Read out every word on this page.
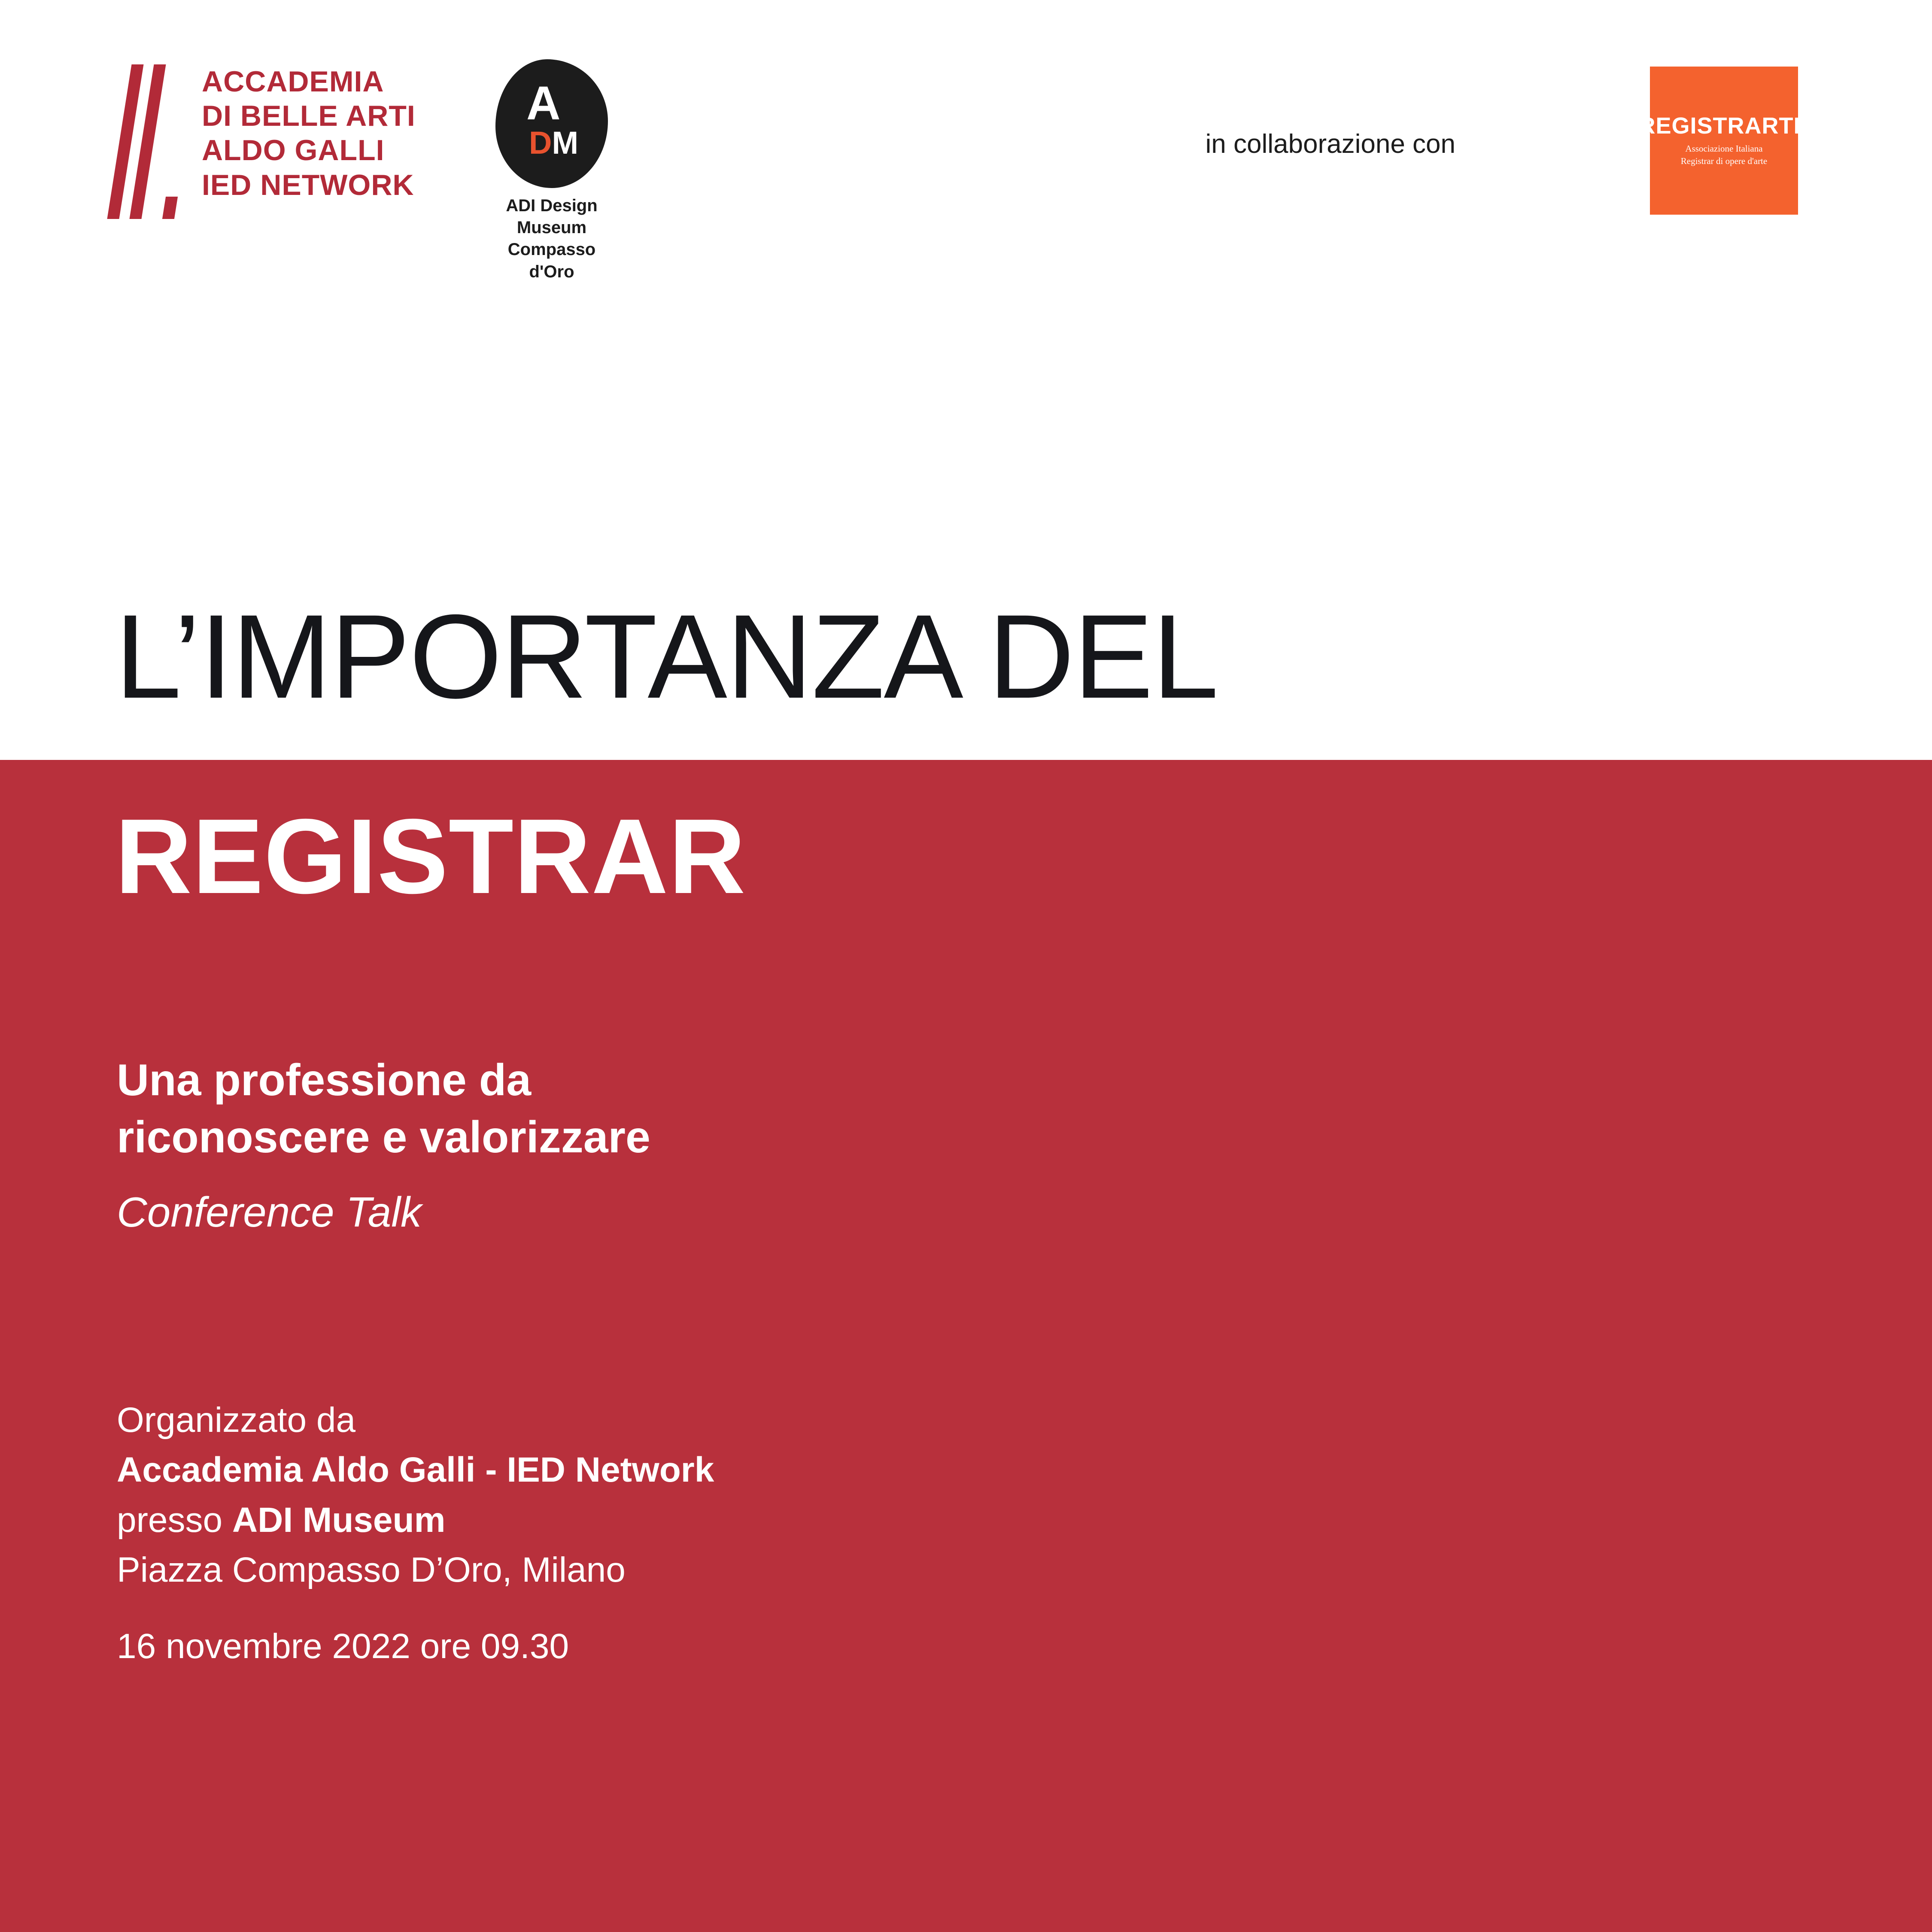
ACCADEMIA
DI BELLE ARTI
ALDO GALLI
IED NETWORK
A
DM
ADI Design Museum
Compasso d'Oro
in collaborazione con
REGISTRARTE
Associazione Italiana
Registrar di opere d'arte
L’IMPORTANZA DEL
REGISTRAR
Una professione da
riconoscere e valorizzare
Conference Talk
Organizzato da
Accademia Aldo Galli - IED Network
presso ADI Museum
Piazza Compasso D’Oro, Milano
16 novembre 2022 ore 09.30
